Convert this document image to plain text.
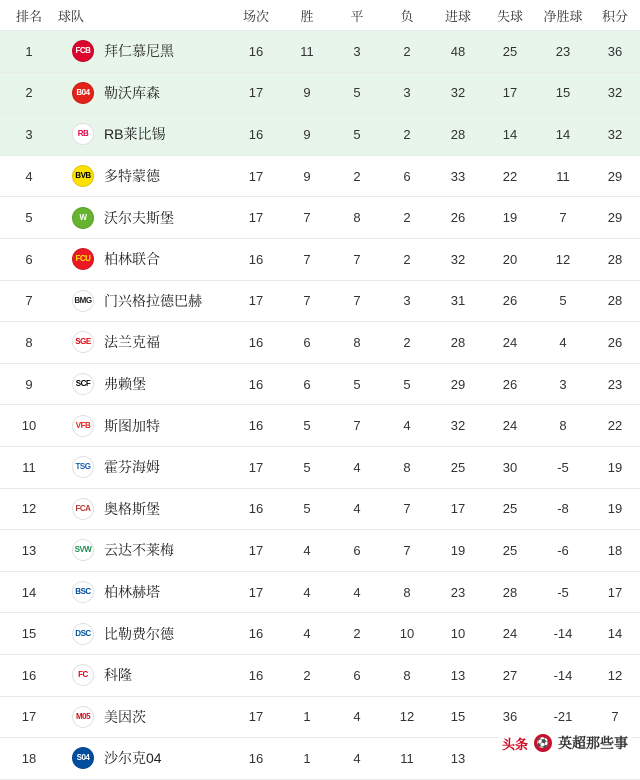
排名	球队	场次	胜	平	负	进球	失球	净胜球	积分
1	FCB 拜仁慕尼黑	16	11	3	2	48	25	23	36
2	B04 勒沃库森	17	9	5	3	32	17	15	32
3	RB RB莱比锡	16	9	5	2	28	14	14	32
4	BVB 多特蒙德	17	9	2	6	33	22	11	29
5	W 沃尔夫斯堡	17	7	8	2	26	19	7	29
6	FCU 柏林联合	16	7	7	2	32	20	12	28
7	BMG 门兴格拉德巴赫	17	7	7	3	31	26	5	28
8	SGE 法兰克福	16	6	8	2	28	24	4	26
9	SCF 弗赖堡	16	6	5	5	29	26	3	23
10	VFB 斯图加特	16	5	7	4	32	24	8	22
11	TSG 霍芬海姆	17	5	4	8	25	30	-5	19
12	FCA 奥格斯堡	16	5	4	7	17	25	-8	19
13	SVW 云达不莱梅	17	4	6	7	19	25	-6	18
14	BSC 柏林赫塔	17	4	4	8	23	28	-5	17
15	DSC 比勒费尔德	16	4	2	10	10	24	-14	14
16	FC 科隆	16	2	6	8	13	27	-14	12
17	M05 美因茨	17	1	4	12	15	36	-21	7
18	S04 沙尔克04	16	1	4	11	13			
头条 ⚽ 英超那些事
